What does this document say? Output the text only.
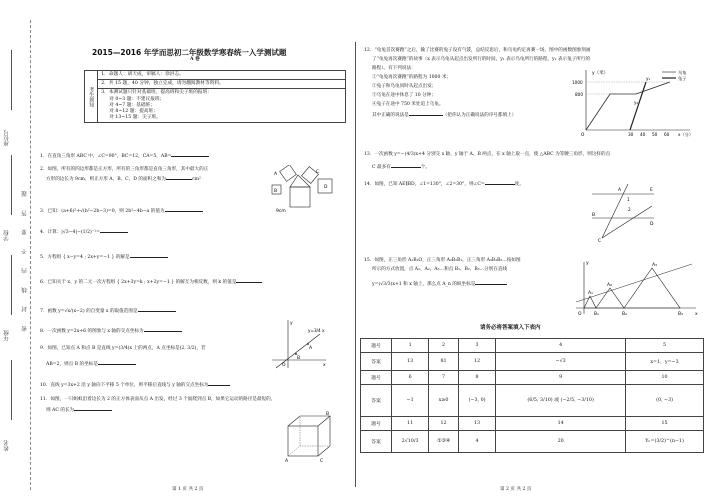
座位号
学校
年级
姓名
密 封 线 内 不 要 答 题
2015—2016 年学而思初二年级数学寒春统一入学测试题
A 卷
考生须知	1．命题人：胡天成，审稿人：徐洪志。
2．共 15 题，40 分钟，独立完成，请勿翻阅教材等资料。

3．本测试题只针对基础班，提高班和尖子班的报班：
对 0~3 题：不建议报班；
对 4~7 题：基础班；
对 8~12 题：提高班；
对 13~15 题：尖子班。
1．在直角三角形 ABC 中，∠C=90°，BC=12，CA=5，AB=
2．如图，所有的四边形都是正方形，所有的三角形都是直角三角形，其中最大的正
方形的边长为 9cm，则正方形 A、B、C、D 的面积之和为	cm²
3．已知：(a+6)²+√(b²−2b−3)=0，则 2b²−4b−a 的值为
4．计算：|√3−4|−(1/2)⁻¹=
5．方程组 { x−y=4 ; 2x+y=−1 } 的解是
6．已知关于 x、y 的二元一次方程组 { 2x+3y=k ; x+2y=−1 } 的解互为相反数，则 k 的值是
7．函数 y=√x/(x−2) 的自变量 x 的取值范围是
8．一次函数 y=2x+6 的图象与 x 轴的交点坐标为
9．如图，已知点 A 和点 B 是直线 y=(3/4)x 上的两点，A 点坐标是(2, 3/2)，若
AB=2，则点 B 的坐标是
10．直线 y=3x+2 沿 y 轴向下平移 5 个单位，则平移后直线与 y 轴的交点坐标为
11．如图，一只蚂蚁沿着边长为 2 的正方体表面从点 A 出发，经过 3 个面爬到点 B，如果它运动的路径是最短的，
则 AC 的长为
A
B
C
D
9cm
x
y
O
B
A
y=3/4 x
A
B
C
第 1 页 共 2 页
12．“龟兔首次赛跑”之后，输了比赛的兔子没有气馁，总结反思后，和乌龟约定再赛一场。图中的函数图象刻画
了“龟兔再次赛跑”的故事（x 表示乌龟从起点出发所行的时间，y₁ 表示乌龟所行的路程，y₂ 表示兔子所行的
路程）。有下列说法：
①“龟兔再次赛跑”的路程为 1000 米；
②兔子和乌龟同时从起点出发；
③乌龟在途中休息了 10 分钟；
④兔子在途中 750 米处追上乌龟。
其中正确的说法是	（把你认为正确说法的序号都填上）
y（米）
x（分）
1000
800
O	30 40 50 60
乌龟
兔子
y₁
y₂
13．一次函数 y=−(4/3)x+4 分别交 x 轴、y 轴于 A、B 两点，在 x 轴上取一点，使 △ABC 为等腰三角形，则这样的点
C 最多有	个。
14．如图，已知 AE∥BD，∠1=130°，∠2=30°，则∠C=	度。
A	E
1
2
B
D
C
15．如图，正三角形 A₁B₁O，正三角形 A₂B₂B₁，正三角形 A₃B₃B₂…按如图
所示的方式放置，点 A₁、A₂、A₃…和点 B₁、B₂、B₃…分别在直线
y=(√3/3)x+1 和 x 轴上，那么点 A_n 的纵坐标是
y	A₃
A₂
A₁
O	B₁	B₂	B₃	x
请务必将答案填入下表内
题号	1	2	3	4	5
答案	13	81	12	−√3	x=1，y=−3
题号	6	7	8	9	10
答案	−1	x≥0	(−3, 0)	(6/5, 3/10) 或 (−2/5, −3/10)	(0, −3)
题号	11	12	13	14	15
答案	2√10/3	①③④	4	20	Yₙ=(3/2)^(n−1)
第 2 页 共 2 页
